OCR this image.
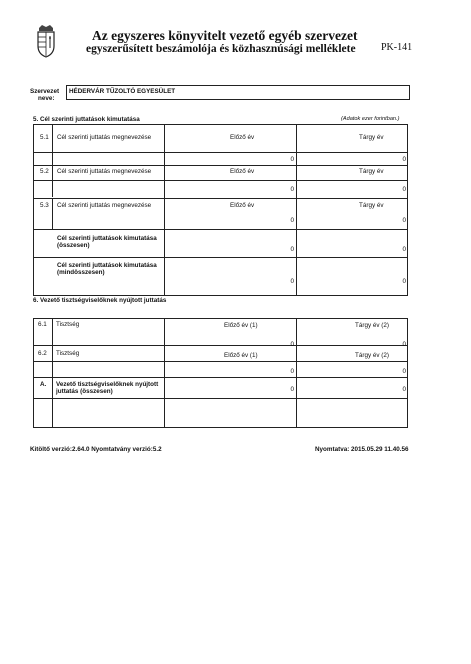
Az egyszeres könyvitelt vezető egyéb szervezet
egyszerűsített beszámolója és közhasznúsági melléklete	PK-141
Szervezet
neve:
HÉDERVÁR TŰZOLTÓ EGYESÜLET
5. Cél szerinti juttatások kimutatása	(Adatok ezer forintban.)
5.1 Cél szerinti juttatás megnevezése	Előző év	Tárgy év
0	0
5.2 Cél szerinti juttatás megnevezése	Előző év	Tárgy év
0	0
5.3 Cél szerinti juttatás megnevezése	Előző év	Tárgy év
0	0
Cél szerinti juttatások kimutatása
(összesen)
0	0
Cél szerinti juttatások kimutatása
(mindösszesen)
0	0
6. Vezető tisztségviselőknek nyújtott juttatás
6.1 Tisztség	Előző év (1)	Tárgy év (2)
0	0
6.2 Tisztség	Előző év (1)	Tárgy év (2)
0	0
A. Vezető tisztségviselőknek nyújtott
juttatás (összesen)	0	0
Kitöltő verzió:2.64.0 Nyomtatvány verzió:5.2	Nyomtatva: 2015.05.29 11.40.56
